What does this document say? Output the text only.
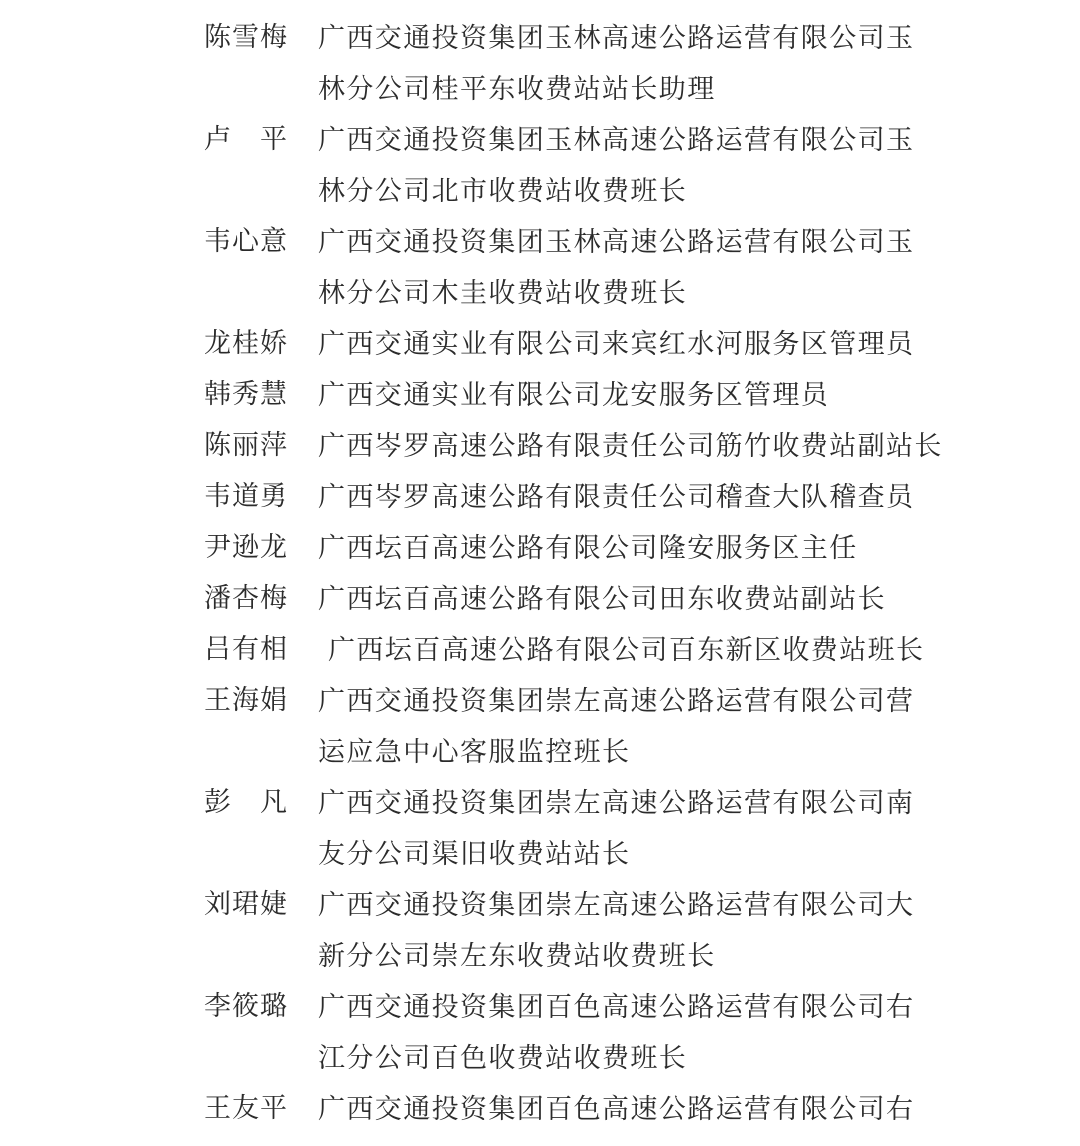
陈雪梅 广西交通投资集团玉林高速公路运营有限公司玉
林分公司桂平东收费站站长助理
卢 平 广西交通投资集团玉林高速公路运营有限公司玉
林分公司北市收费站收费班长
韦心意 广西交通投资集团玉林高速公路运营有限公司玉
林分公司木圭收费站收费班长
龙桂娇 广西交通实业有限公司来宾红水河服务区管理员
韩秀慧 广西交通实业有限公司龙安服务区管理员
陈丽萍 广西岑罗高速公路有限责任公司筋竹收费站副站长
韦道勇 广西岑罗高速公路有限责任公司稽查大队稽查员
尹逊龙 广西坛百高速公路有限公司隆安服务区主任
潘杏梅 广西坛百高速公路有限公司田东收费站副站长
吕有相 广西坛百高速公路有限公司百东新区收费站班长
王海娟 广西交通投资集团崇左高速公路运营有限公司营
运应急中心客服监控班长
彭 凡 广西交通投资集团崇左高速公路运营有限公司南
友分公司渠旧收费站站长
刘珺婕 广西交通投资集团崇左高速公路运营有限公司大
新分公司崇左东收费站收费班长
李筱璐 广西交通投资集团百色高速公路运营有限公司右
江分公司百色收费站收费班长
王友平 广西交通投资集团百色高速公路运营有限公司右
